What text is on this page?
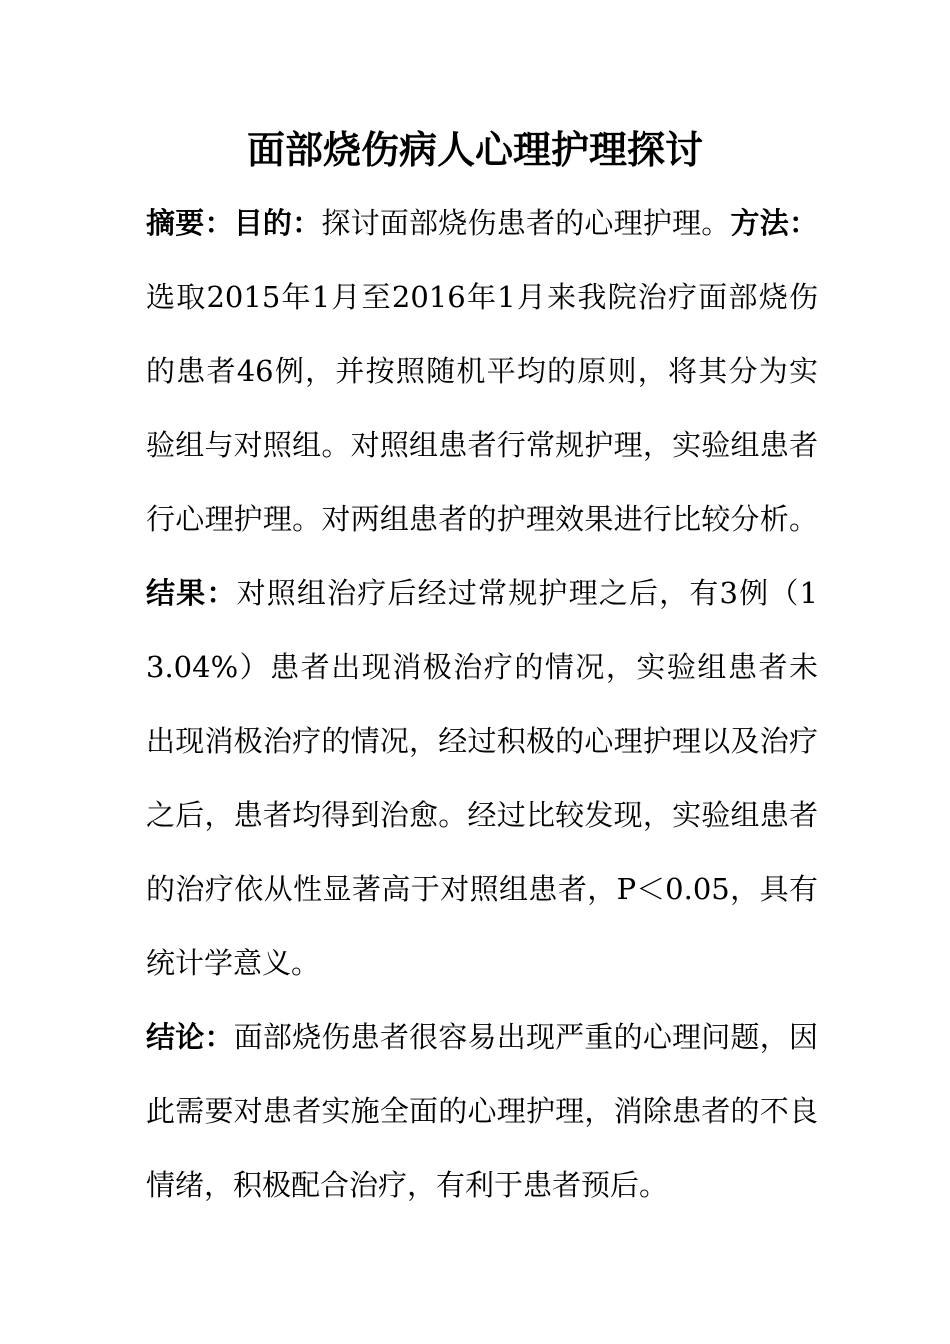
面部烧伤病人心理护理探讨

摘要：目的：探讨面部烧伤患者的心理护理。方法：选取2015年1月至2016年1月来我院治疗面部烧伤的患者46例，并按照随机平均的原则，将其分为实验组与对照组。对照组患者行常规护理，实验组患者行心理护理。对两组患者的护理效果进行比较分析。结果：对照组治疗后经过常规护理之后，有3例（13.04%）患者出现消极治疗的情况，实验组患者未出现消极治疗的情况，经过积极的心理护理以及治疗之后，患者均得到治愈。经过比较发现，实验组患者的治疗依从性显著高于对照组患者，P＜0.05，具有统计学意义。
结论：面部烧伤患者很容易出现严重的心理问题，因此需要对患者实施全面的心理护理，消除患者的不良情绪，积极配合治疗，有利于患者预后。
